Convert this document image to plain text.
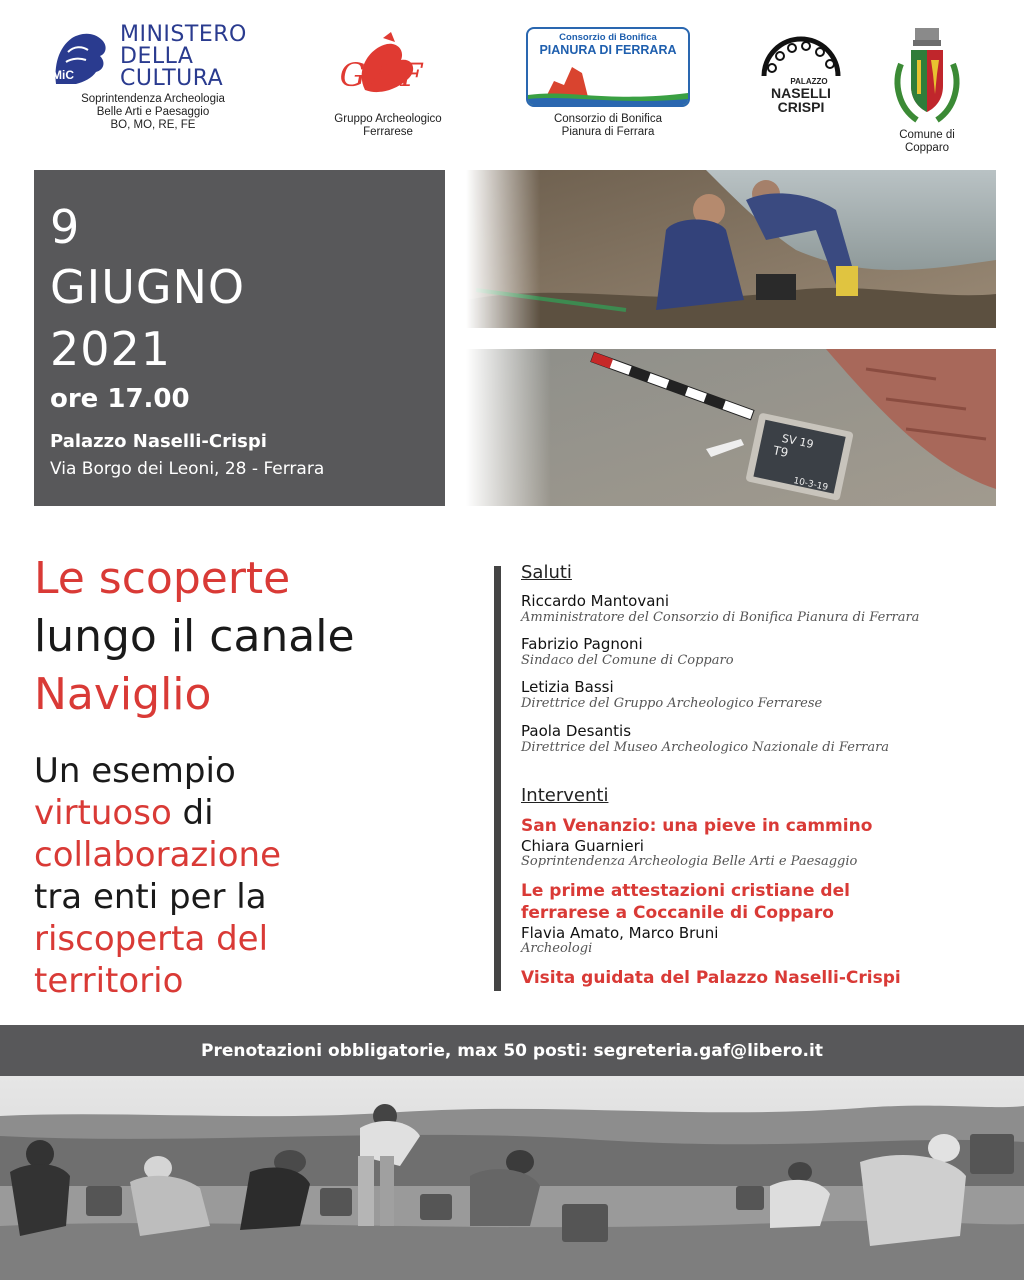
MiC
MINISTERO
DELLA
CULTURA
Soprintendenza Archeologia
Belle Arti e Paesaggio
BO, MO, RE, FE
GAF
Gruppo Archeologico
Ferrarese
Consorzio di Bonifica
PIANURA DI FERRARA
Consorzio di Bonifica
Pianura di Ferrara
PALAZZO
NASELLI
CRISPI
Comune di
Copparo
9
GIUGNO
2021
ore 17.00
Palazzo Naselli-Crispi
Via Borgo dei Leoni, 28 - Ferrara
Le scoperte
lungo il canale
Naviglio
Un esempio
virtuoso di
collaborazione
tra enti per la
riscoperta del
territorio
Saluti
Riccardo Mantovani
Amministratore del Consorzio di Bonifica Pianura di Ferrara
Fabrizio Pagnoni
Sindaco del Comune di Copparo
Letizia Bassi
Direttrice del Gruppo Archeologico Ferrarese
Paola Desantis
Direttrice del Museo Archeologico Nazionale di Ferrara
Interventi
San Venanzio: una pieve in cammino
Chiara Guarnieri
Soprintendenza Archeologia Belle Arti e Paesaggio
Le prime attestazioni cristiane del
ferrarese a Coccanile di Copparo
Flavia Amato, Marco Bruni
Archeologi
Visita guidata del Palazzo Naselli-Crispi
Prenotazioni obbligatorie, max 50 posti: segreteria.gaf@libero.it
